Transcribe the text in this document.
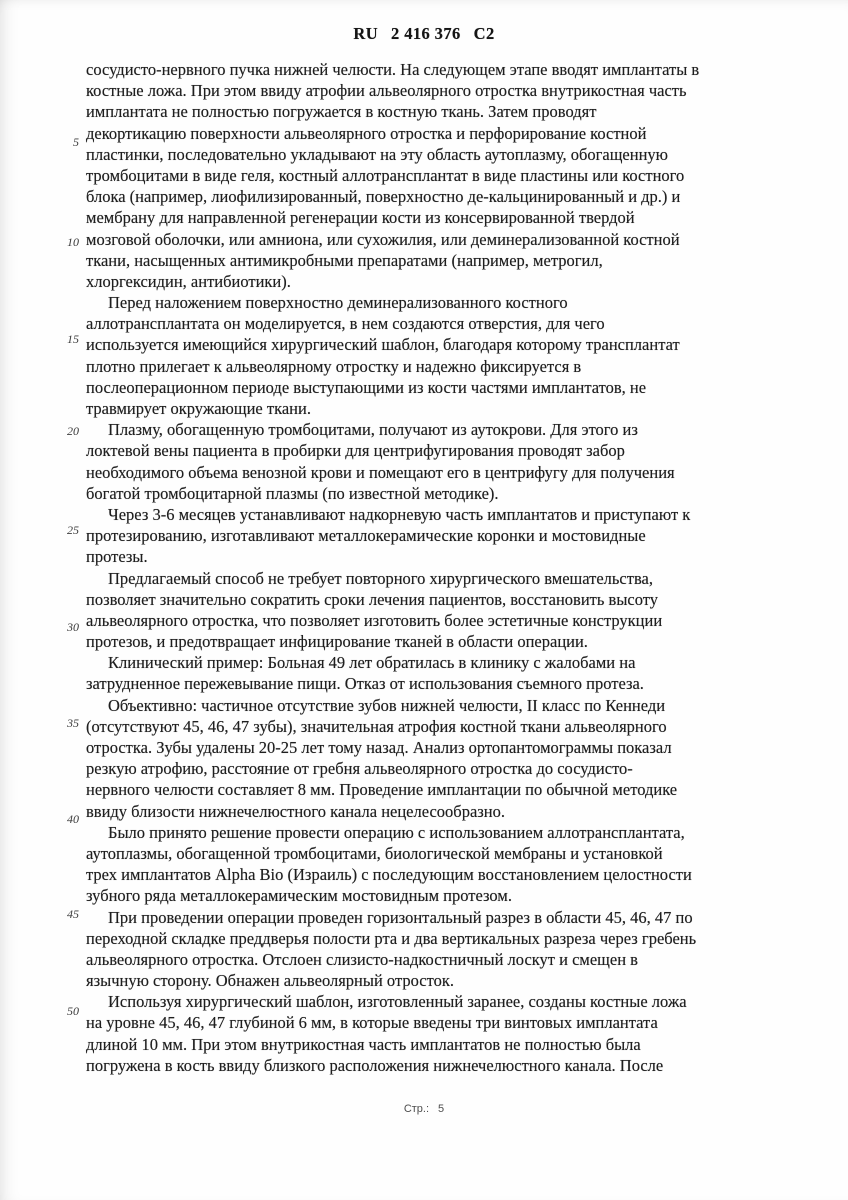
RU 2 416 376 C2
5
10
15
20
25
30
35
40
45
50
сосудисто-нервного пучка нижней челюсти. На следующем этапе вводят имплантаты в
костные ложа. При этом ввиду атрофии альвеолярного отростка внутрикостная часть
имплантата не полностью погружается в костную ткань. Затем проводят
декортикацию поверхности альвеолярного отростка и перфорирование костной
пластинки, последовательно укладывают на эту область аутоплазму, обогащенную
тромбоцитами в виде геля, костный аллотрансплантат в виде пластины или костного
блока (например, лиофилизированный, поверхностно де-кальцинированный и др.) и
мембрану для направленной регенерации кости из консервированной твердой
мозговой оболочки, или амниона, или сухожилия, или деминерализованной костной
ткани, насыщенных антимикробными препаратами (например, метрогил,
хлоргексидин, антибиотики).
Перед наложением поверхностно деминерализованного костного
аллотрансплантата он моделируется, в нем создаются отверстия, для чего
используется имеющийся хирургический шаблон, благодаря которому трансплантат
плотно прилегает к альвеолярному отростку и надежно фиксируется в
послеоперационном периоде выступающими из кости частями имплантатов, не
травмирует окружающие ткани.
Плазму, обогащенную тромбоцитами, получают из аутокрови. Для этого из
локтевой вены пациента в пробирки для центрифугирования проводят забор
необходимого объема венозной крови и помещают его в центрифугу для получения
богатой тромбоцитарной плазмы (по известной методике).
Через 3-6 месяцев устанавливают надкорневую часть имплантатов и приступают к
протезированию, изготавливают металлокерамические коронки и мостовидные
протезы.
Предлагаемый способ не требует повторного хирургического вмешательства,
позволяет значительно сократить сроки лечения пациентов, восстановить высоту
альвеолярного отростка, что позволяет изготовить более эстетичные конструкции
протезов, и предотвращает инфицирование тканей в области операции.
Клинический пример: Больная 49 лет обратилась в клинику с жалобами на
затрудненное пережевывание пищи. Отказ от использования съемного протеза.
Объективно: частичное отсутствие зубов нижней челюсти, II класс по Кеннеди
(отсутствуют 45, 46, 47 зубы), значительная атрофия костной ткани альвеолярного
отростка. Зубы удалены 20-25 лет тому назад. Анализ ортопантомограммы показал
резкую атрофию, расстояние от гребня альвеолярного отростка до сосудисто-
нервного челюсти составляет 8 мм. Проведение имплантации по обычной методике
ввиду близости нижнечелюстного канала нецелесообразно.
Было принято решение провести операцию с использованием аллотрансплантата,
аутоплазмы, обогащенной тромбоцитами, биологической мембраны и установкой
трех имплантатов Alpha Bio (Израиль) с последующим восстановлением целостности
зубного ряда металлокерамическим мостовидным протезом.
При проведении операции проведен горизонтальный разрез в области 45, 46, 47 по
переходной складке преддверья полости рта и два вертикальных разреза через гребень
альвеолярного отростка. Отслоен слизисто-надкостничный лоскут и смещен в
язычную сторону. Обнажен альвеолярный отросток.
Используя хирургический шаблон, изготовленный заранее, созданы костные ложа
на уровне 45, 46, 47 глубиной 6 мм, в которые введены три винтовых имплантата
длиной 10 мм. При этом внутрикостная часть имплантатов не полностью была
погружена в кость ввиду близкого расположения нижнечелюстного канала. После
Стр.: 5
